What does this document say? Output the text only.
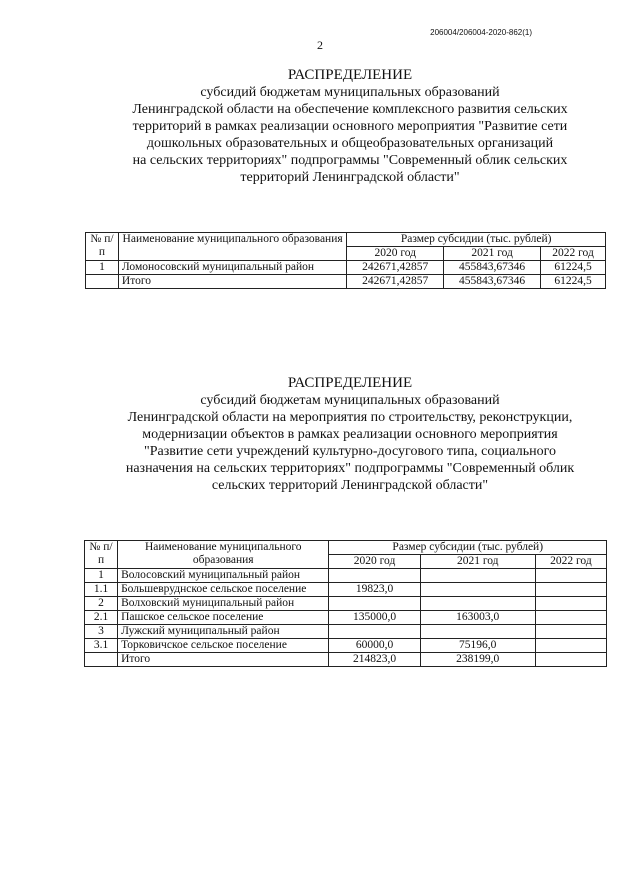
206004/206004-2020-862(1)
2
РАСПРЕДЕЛЕНИЕ
субсидий бюджетам муниципальных образований
Ленинградской области на обеспечение комплексного развития сельских
территорий в рамках реализации основного мероприятия "Развитие сети
дошкольных образовательных и общеобразовательных организаций
на сельских территориях" подпрограммы "Современный облик сельских
территорий Ленинградской области"
№ п/п	Наименование муниципального образования	Размер субсидии (тыс. рублей)		
		2020 год	2021 год	2022 год
1	Ломоносовский муниципальный район	242671,42857	455843,67346	61224,5
	Итого	242671,42857	455843,67346	61224,5
РАСПРЕДЕЛЕНИЕ
субсидий бюджетам муниципальных образований
Ленинградской области на мероприятия по строительству, реконструкции,
модернизации объектов в рамках реализации основного мероприятия
"Развитие сети учреждений культурно-досугового типа, социального
назначения на сельских территориях" подпрограммы "Современный облик
сельских территорий Ленинградской области"
№ п/п	Наименование муниципального образования	Размер субсидии (тыс. рублей)		
		2020 год	2021 год	2022 год
1	Волосовский муниципальный район			
1.1	Большевруднское сельское поселение	19823,0		
2	Волховский муниципальный район			
2.1	Пашское сельское поселение	135000,0	163003,0	
3	Лужский муниципальный район			
3.1	Торковичское сельское поселение	60000,0	75196,0	
	Итого	214823,0	238199,0	
